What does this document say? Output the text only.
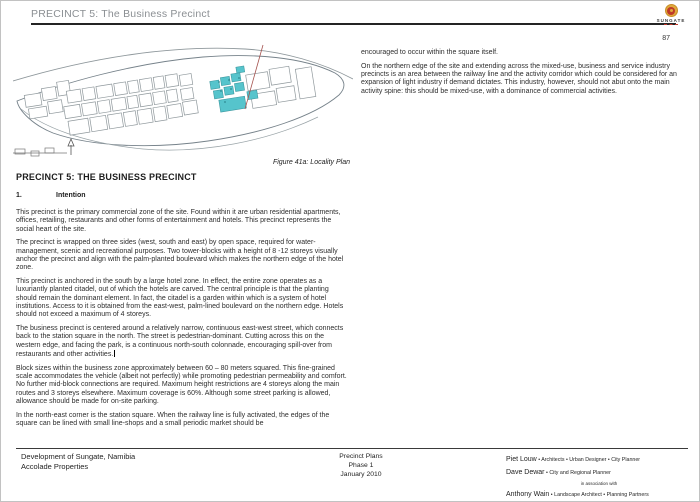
PRECINCT 5: The Business Precinct
SUNGATE
Figure 41a: Locality Plan
PRECINCT 5: THE BUSINESS PRECINCT
1.	Intention

This precinct is the primary commercial zone of the site. Found within it are urban residential apartments, offices, retailing, restaurants and other forms of entertainment and hotels. This precinct represents the social heart of the site.

The precinct is wrapped on three sides (west, south and east) by open space, required for water-management, scenic and recreational purposes. Two tower-blocks with a height of 8 -12 storeys visually anchor the precinct and align with the palm-planted boulevard which makes the northern edge of the hotel zone.

This precinct is anchored in the south by a large hotel zone. In effect, the entire zone operates as a luxuriantly planted citadel, out of which the hotels are carved. The central principle is that the planting should remain the dominant element. In fact, the citadel is a garden within which is a system of hotel institutions. Access to it is obtained from the east-west, palm-lined boulevard on the northern edge. Hotels should not exceed a maximum of 4 storeys.

The business precinct is centered around a relatively narrow, continuous east-west street, which connects back to the station square in the north. The street is pedestrian-dominant. Cutting across this on the western edge, and facing the park, is a continuous north-south colonnade, encouraging spill-over from restaurants and other activities.

Block sizes within the business zone approximately between 60 – 80 meters squared. This fine-grained scale accommodates the vehicle (albeit not perfectly) while promoting pedestrian permeability and comfort. No further mid-block connections are required. Maximum height restrictions are 4 storeys along the main routes and 3 storeys elsewhere. Maximum coverage is 60%. Although some street parking is allowed, allowance should be made for on-site parking.

In the north-east corner is the station square. When the railway line is fully activated, the edges of the square can be lined with small line-shops and a small periodic market should be

87

encouraged to occur within the square itself.

On the northern edge of the site and extending across the mixed-use, business and service industry precincts is an area between the railway line and the activity corridor which could be considered for an expansion of light industry if demand dictates. This industry, however, should not abut onto the main activity spine: this should be mixed-use, with a dominance of commercial activities.

Development of Sungate, Namibia
Accolade Properties
Precinct Plans
Phase 1
January 2010
Piet Louw • Architects • Urban Designer • City Planner
Dave Dewar • City and Regional Planner
in association with
Anthony Wain • Landscape Architect • Planning Partners
